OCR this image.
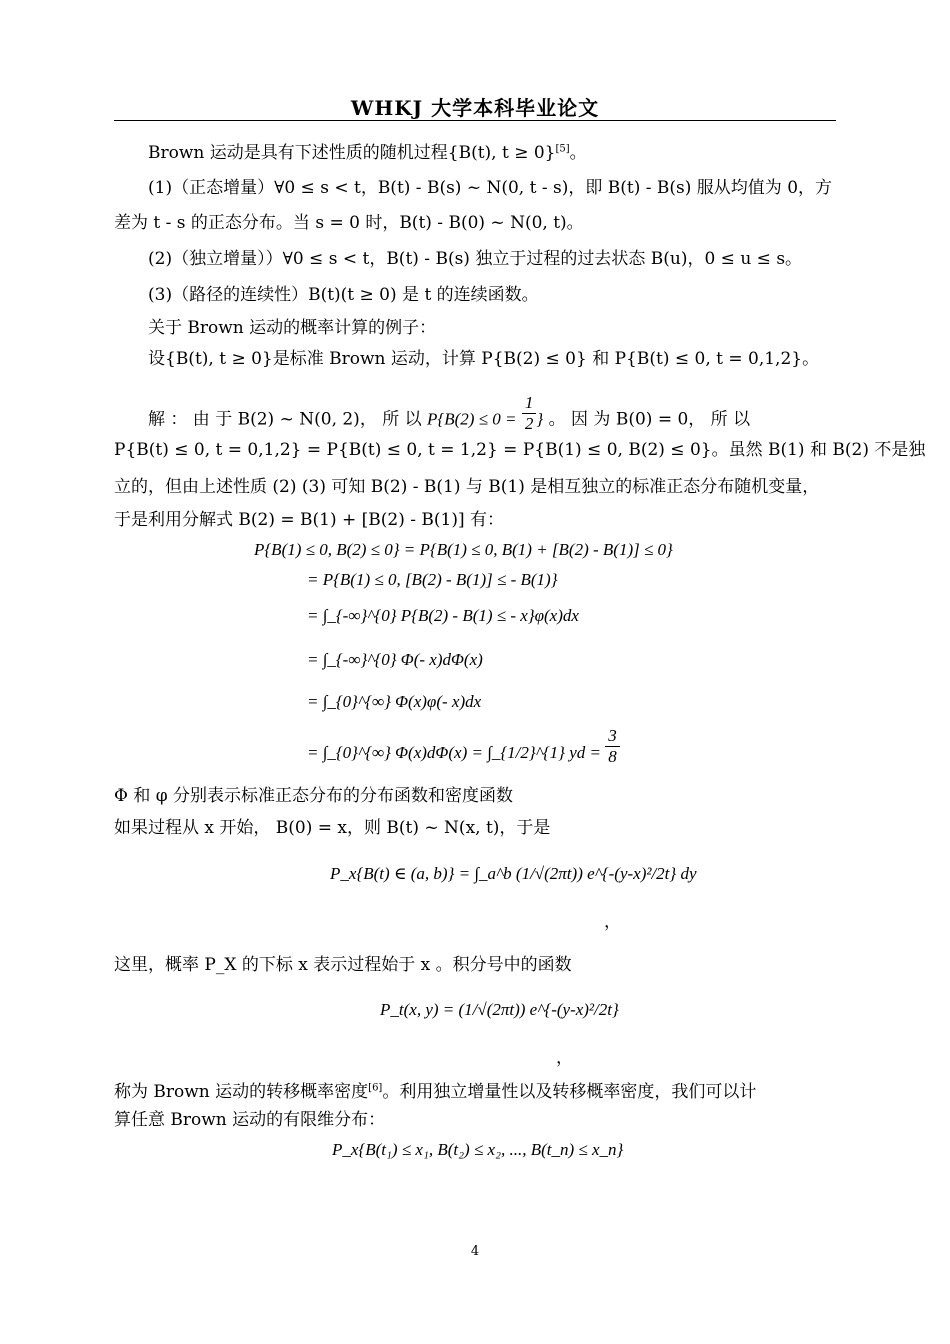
WHKJ 大学本科毕业论文
Brown 运动是具有下述性质的随机过程{B(t), t ≥ 0}[5]。
(1)（正态增量）∀0 ≤ s < t，B(t) - B(s) ~ N(0, t - s)，即 B(t) - B(s) 服从均值为 0，方
差为 t - s 的正态分布。当 s = 0 时，B(t) - B(0) ~ N(0, t)。
(2)（独立增量））∀0 ≤ s < t，B(t) - B(s) 独立于过程的过去状态 B(u)，0 ≤ u ≤ s。
(3)（路径的连续性）B(t)(t ≥ 0) 是 t 的连续函数。
关于 Brown 运动的概率计算的例子：
设{B(t), t ≥ 0}是标准 Brown 运动，计算 P{B(2) ≤ 0} 和 P{B(t) ≤ 0, t = 0,1,2}。
解 ： 由 于 B(2) ~ N(0, 2)， 所 以 $P\{B(2) \le 0 = \frac{1}{2}$ } 。 因 为 B(0) = 0， 所 以
P{B(t) ≤ 0, t = 0,1,2} = P{B(t) ≤ 0, t = 1,2} = P{B(1) ≤ 0, B(2) ≤ 0}。虽然 B(1) 和 B(2) 不是独
立的，但由上述性质 (2) (3) 可知 B(2) - B(1) 与 B(1) 是相互独立的标准正态分布随机变量，
于是利用分解式 B(2) = B(1) + [B(2) - B(1)] 有：
P{B(1) ≤ 0, B(2) ≤ 0} = P{B(1) ≤ 0, B(1) + [B(2) - B(1)] ≤ 0}
= P{B(1) ≤ 0, [B(2) - B(1)] ≤ - B(1)}
= ∫_{-∞}^{0} P{B(2) - B(1) ≤ - x}φ(x)dx
= ∫_{-∞}^{0} Φ(- x)dΦ(x)
= ∫_{0}^{∞} Φ(x)φ(- x)dx
= ∫_{0}^{∞} Φ(x)dΦ(x) = ∫_{1/2}^{1} yd = $\frac{3}{8}$
Φ 和 φ 分别表示标准正态分布的分布函数和密度函数
如果过程从 x 开始， B(0) = x，则 B(t) ~ N(x, t)，于是
P_x{B(t) ∈ (a, b)} = ∫_a^b (1/√(2πt)) e^{-(y-x)²/2t} dy
，
这里，概率 P_X 的下标 x 表示过程始于 x 。积分号中的函数
P_t(x, y) = (1/√(2πt)) e^{-(y-x)²/2t}
，
称为 Brown 运动的转移概率密度[6]。利用独立增量性以及转移概率密度，我们可以计
算任意 Brown 运动的有限维分布：
P_x{B(t₁) ≤ x₁, B(t₂) ≤ x₂, ..., B(t_n) ≤ x_n}
4
